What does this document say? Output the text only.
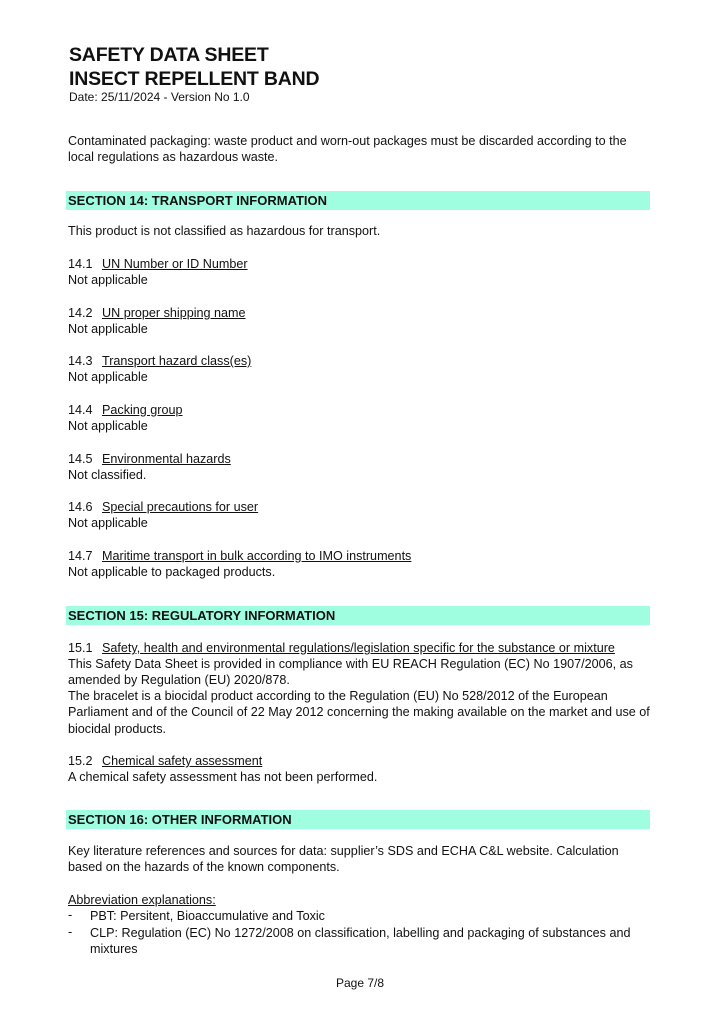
SAFETY DATA SHEET
INSECT REPELLENT BAND
Date: 25/11/2024 - Version No 1.0
Contaminated packaging: waste product and worn-out packages must be discarded according to the local regulations as hazardous waste.
SECTION 14: TRANSPORT INFORMATION
This product is not classified as hazardous for transport.
14.1 UN Number or ID Number
Not applicable
14.2 UN proper shipping name
Not applicable
14.3 Transport hazard class(es)
Not applicable
14.4 Packing group
Not applicable
14.5 Environmental hazards
Not classified.
14.6 Special precautions for user
Not applicable
14.7 Maritime transport in bulk according to IMO instruments
Not applicable to packaged products.
SECTION 15: REGULATORY INFORMATION
15.1 Safety, health and environmental regulations/legislation specific for the substance or mixture
This Safety Data Sheet is provided in compliance with EU REACH Regulation (EC) No 1907/2006, as amended by Regulation (EU) 2020/878.
The bracelet is a biocidal product according to the Regulation (EU) No 528/2012 of the European Parliament and of the Council of 22 May 2012 concerning the making available on the market and use of biocidal products.
15.2 Chemical safety assessment
A chemical safety assessment has not been performed.
SECTION 16: OTHER INFORMATION
Key literature references and sources for data: supplier’s SDS and ECHA C&L website. Calculation based on the hazards of the known components.
Abbreviation explanations:
- PBT: Persitent, Bioaccumulative and Toxic
- CLP: Regulation (EC) No 1272/2008 on classification, labelling and packaging of substances and mixtures
Page 7/8
